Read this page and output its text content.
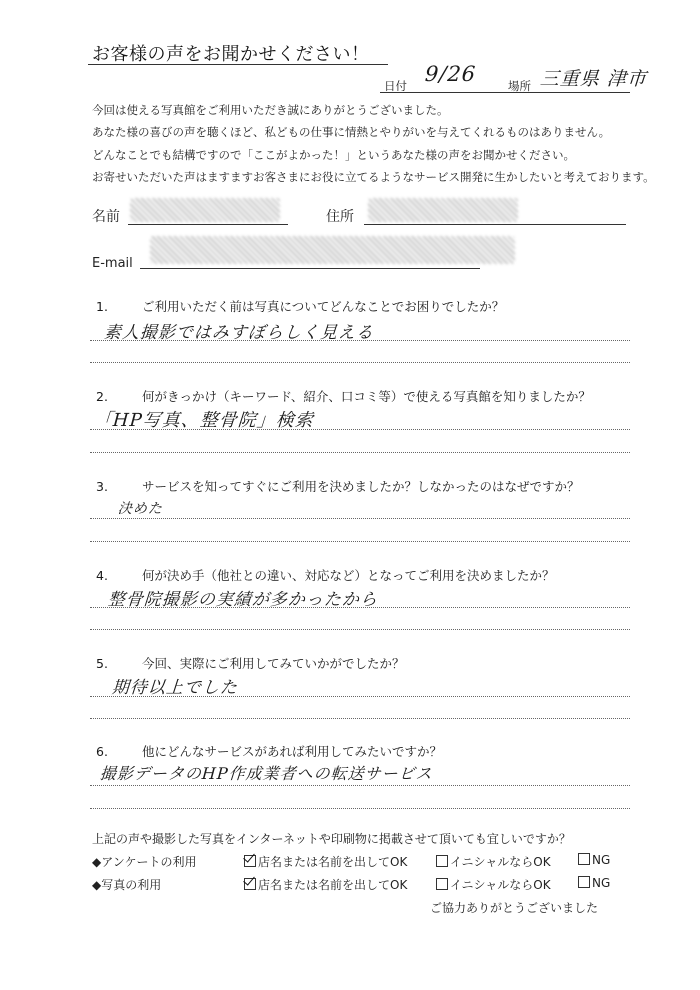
お客様の声をお聞かせください！
日付 9/26	場所 三重県 津市
今回は使える写真館をご利用いただき誠にありがとうございました。
あなた様の喜びの声を聴くほど、私どもの仕事に情熱とやりがいを与えてくれるものはありません。
どんなことでも結構ですので「ここがよかった！」というあなた様の声をお聞かせください。
お寄せいただいた声はますますお客さまにお役に立てるようなサービス開発に生かしたいと考えております。
名前	住所
E-mail
1.	ご利用いただく前は写真についてどんなことでお困りでしたか？
素人撮影ではみすぼらしく見える
2.	何がきっかけ（キーワード、紹介、口コミ等）で使える写真館を知りましたか？
「HP写真、整骨院」検索
3.	サービスを知ってすぐにご利用を決めましたか？しなかったのはなぜですか？
決めた
4.	何が決め手（他社との違い、対応など）となってご利用を決めましたか？
整骨院撮影の実績が多かったから
5.	今回、実際にご利用してみていかがでしたか？
期待以上でした
6.	他にどんなサービスがあれば利用してみたいですか？
撮影データのHP作成業者への転送サービス
上記の声や撮影した写真をインターネットや印刷物に掲載させて頂いても宜しいですか？
◆アンケートの利用	店名または名前を出してOK	イニシャルならOK	NG
◆写真の利用	店名または名前を出してOK	イニシャルならOK	NG
ご協力ありがとうございました
